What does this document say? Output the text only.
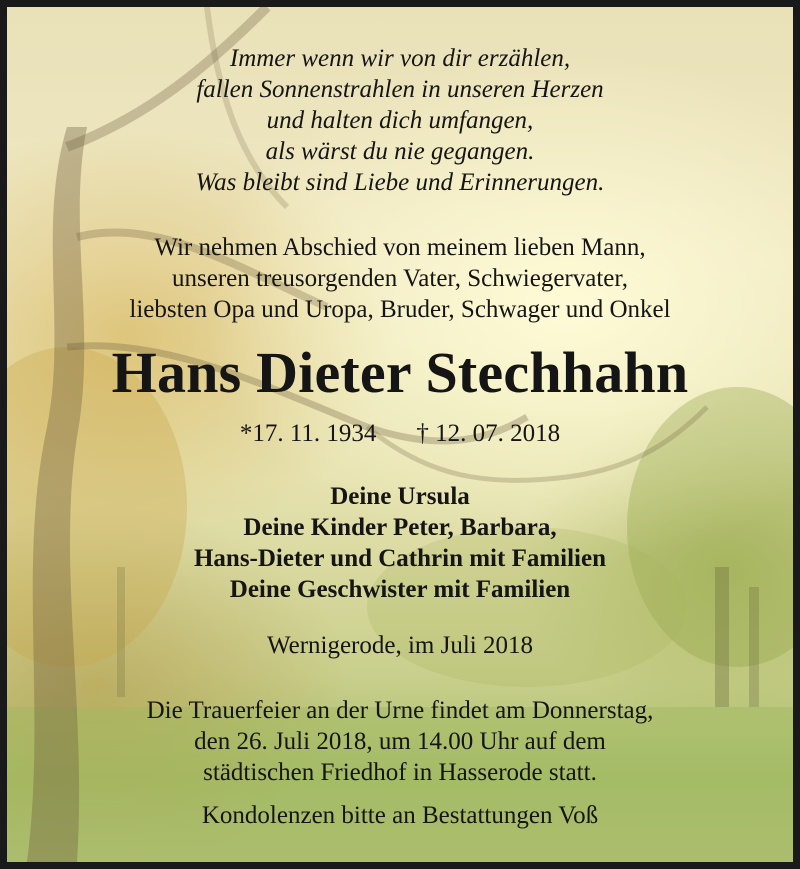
Immer wenn wir von dir erzählen,
fallen Sonnenstrahlen in unseren Herzen
und halten dich umfangen,
als wärst du nie gegangen.
Was bleibt sind Liebe und Erinnerungen.
Wir nehmen Abschied von meinem lieben Mann,
unseren treusorgenden Vater, Schwiegervater,
liebsten Opa und Uropa, Bruder, Schwager und Onkel
Hans Dieter Stechhahn
*17. 11. 1934 † 12. 07. 2018
Deine Ursula
Deine Kinder Peter, Barbara,
Hans-Dieter und Cathrin mit Familien
Deine Geschwister mit Familien
Wernigerode, im Juli 2018
Die Trauerfeier an der Urne findet am Donnerstag,
den 26. Juli 2018, um 14.00 Uhr auf dem
städtischen Friedhof in Hasserode statt.
Kondolenzen bitte an Bestattungen Voß
